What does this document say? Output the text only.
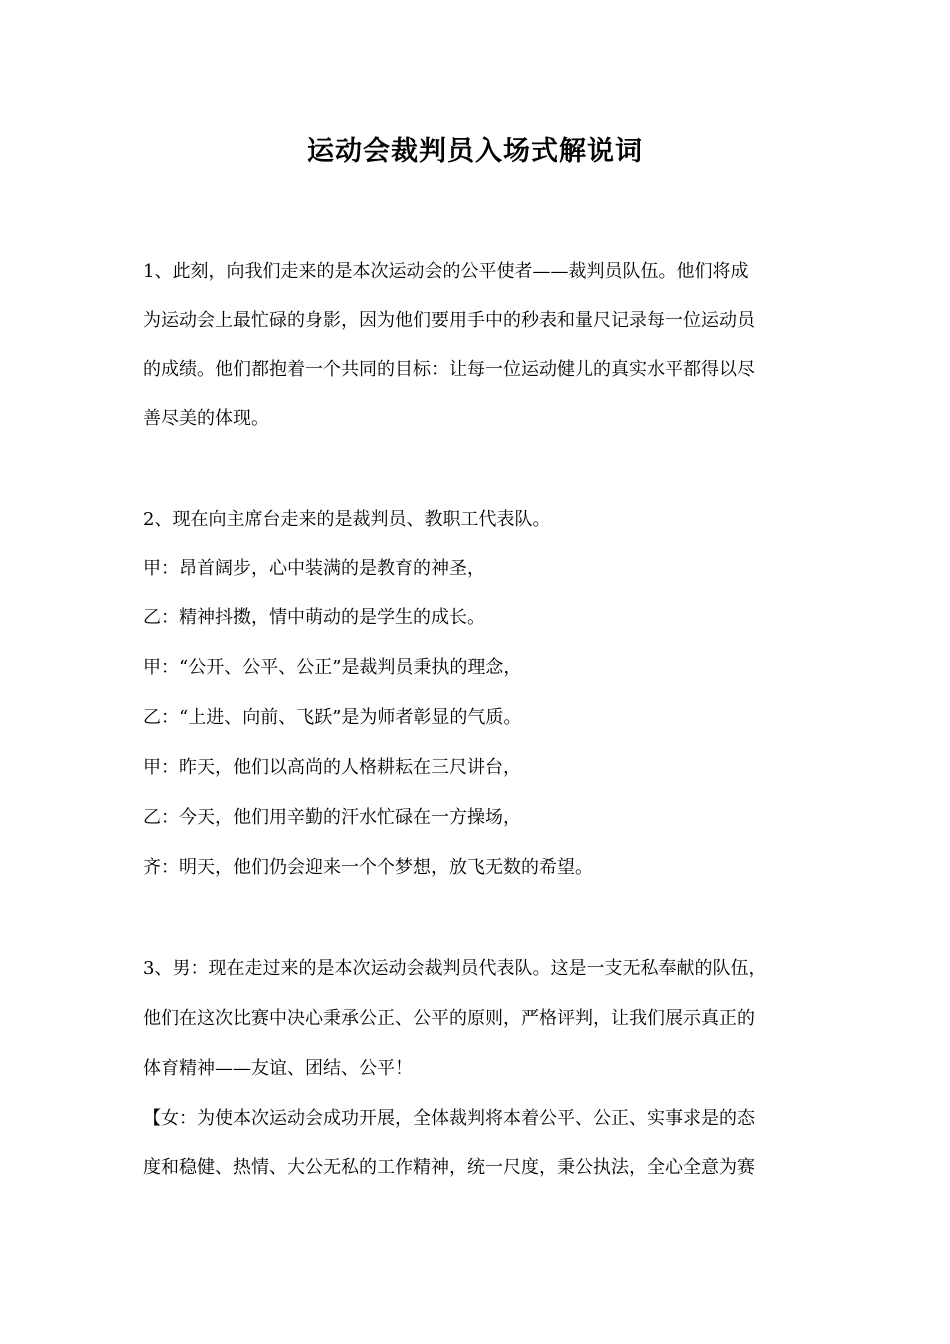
运动会裁判员入场式解说词
1、此刻，向我们走来的是本次运动会的公平使者——裁判员队伍。他们将成
为运动会上最忙碌的身影，因为他们要用手中的秒表和量尺记录每一位运动员
的成绩。他们都抱着一个共同的目标：让每一位运动健儿的真实水平都得以尽
善尽美的体现。
2、现在向主席台走来的是裁判员、教职工代表队。
甲：昂首阔步，心中装满的是教育的神圣，
乙：精神抖擞，情中萌动的是学生的成长。
甲：“公开、公平、公正”是裁判员秉执的理念，
乙：“上进、向前、飞跃”是为师者彰显的气质。
甲：昨天，他们以高尚的人格耕耘在三尺讲台，
乙：今天，他们用辛勤的汗水忙碌在一方操场，
齐：明天，他们仍会迎来一个个梦想，放飞无数的希望。
3、男：现在走过来的是本次运动会裁判员代表队。这是一支无私奉献的队伍，
他们在这次比赛中决心秉承公正、公平的原则，严格评判，让我们展示真正的
体育精神——友谊、团结、公平！
【女：为使本次运动会成功开展，全体裁判将本着公平、公正、实事求是的态
度和稳健、热情、大公无私的工作精神，统一尺度，秉公执法，全心全意为赛
